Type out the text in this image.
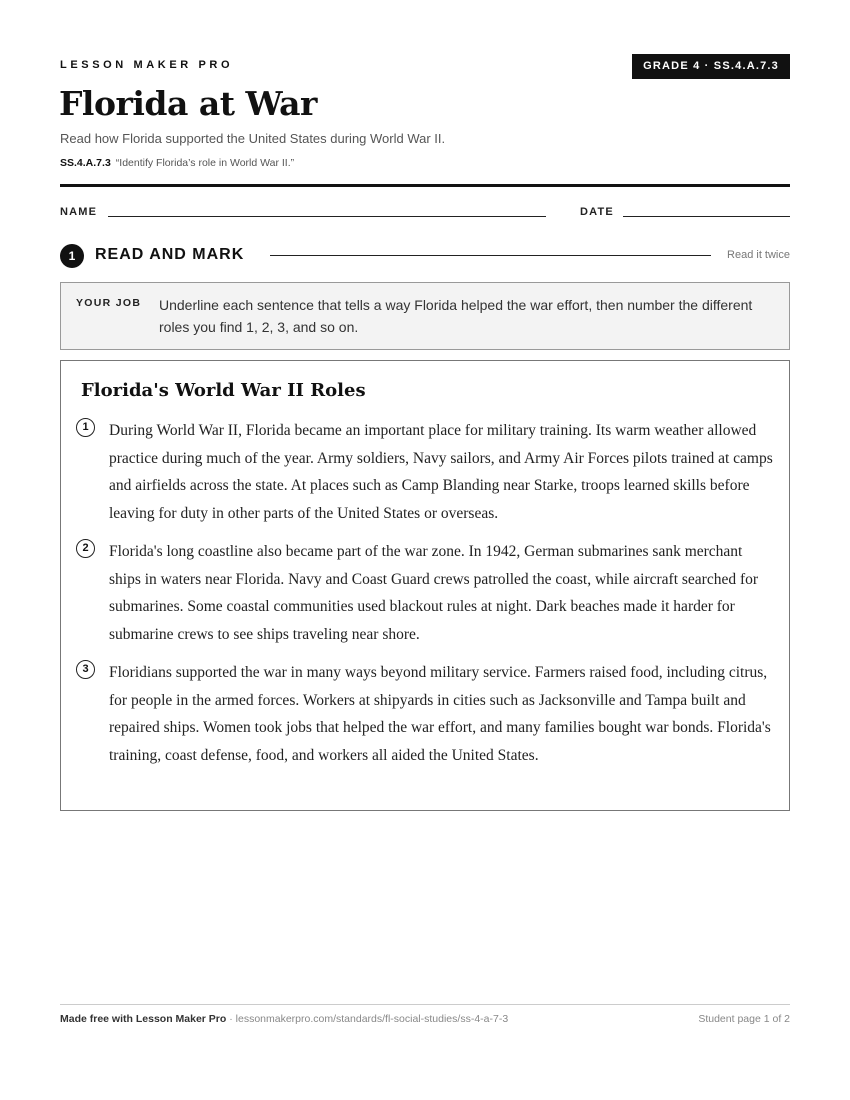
LESSON MAKER PRO	GRADE 4 · SS.4.A.7.3
Florida at War
Read how Florida supported the United States during World War II.
SS.4.A.7.3 “Identify Florida’s role in World War II.”
NAME	DATE
1	READ AND MARK	Read it twice
YOUR JOB Underline each sentence that tells a way Florida helped the war effort, then number the different roles you find 1, 2, 3, and so on.
Florida's World War II Roles
1	During World War II, Florida became an important place for military training. Its warm weather allowed practice during much of the year. Army soldiers, Navy sailors, and Army Air Forces pilots trained at camps and airfields across the state. At places such as Camp Blanding near Starke, troops learned skills before leaving for duty in other parts of the United States or overseas.

2	Florida's long coastline also became part of the war zone. In 1942, German submarines sank merchant ships in waters near Florida. Navy and Coast Guard crews patrolled the coast, while aircraft searched for submarines. Some coastal communities used blackout rules at night. Dark beaches made it harder for submarine crews to see ships traveling near shore.

3	Floridians supported the war in many ways beyond military service. Farmers raised food, including citrus, for people in the armed forces. Workers at shipyards in cities such as Jacksonville and Tampa built and repaired ships. Women took jobs that helped the war effort, and many families bought war bonds. Florida's training, coast defense, food, and workers all aided the United States.

Made free with Lesson Maker Pro · lessonmakerpro.com/standards/fl-social-studies/ss-4-a-7-3	Student page 1 of 2
